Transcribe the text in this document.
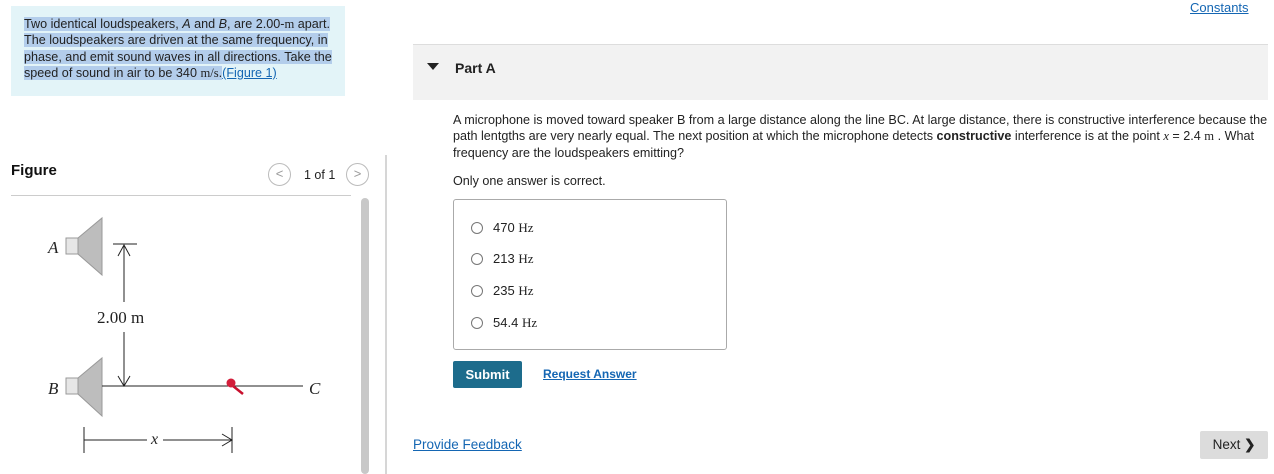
Constants
Two identical loudspeakers, A and B, are 2.00-m apart. The loudspeakers are driven at the same frequency, in phase, and emit sound waves in all directions. Take the speed of sound in air to be 340 m/s.(Figure 1)
Figure	<	1 of 1	>
A
B
2.00 m
C
x
Part A
A microphone is moved toward speaker B from a large distance along the line BC. At large distance, there is constructive interference because the path lentgths are very nearly equal. The next position at which the microphone detects constructive interference is at the point x = 2.4 m . What frequency are the loudspeakers emitting?
Only one answer is correct.
470 Hz
213 Hz
235 Hz
54.4 Hz
Submit	Request Answer
Provide Feedback	Next ❯
